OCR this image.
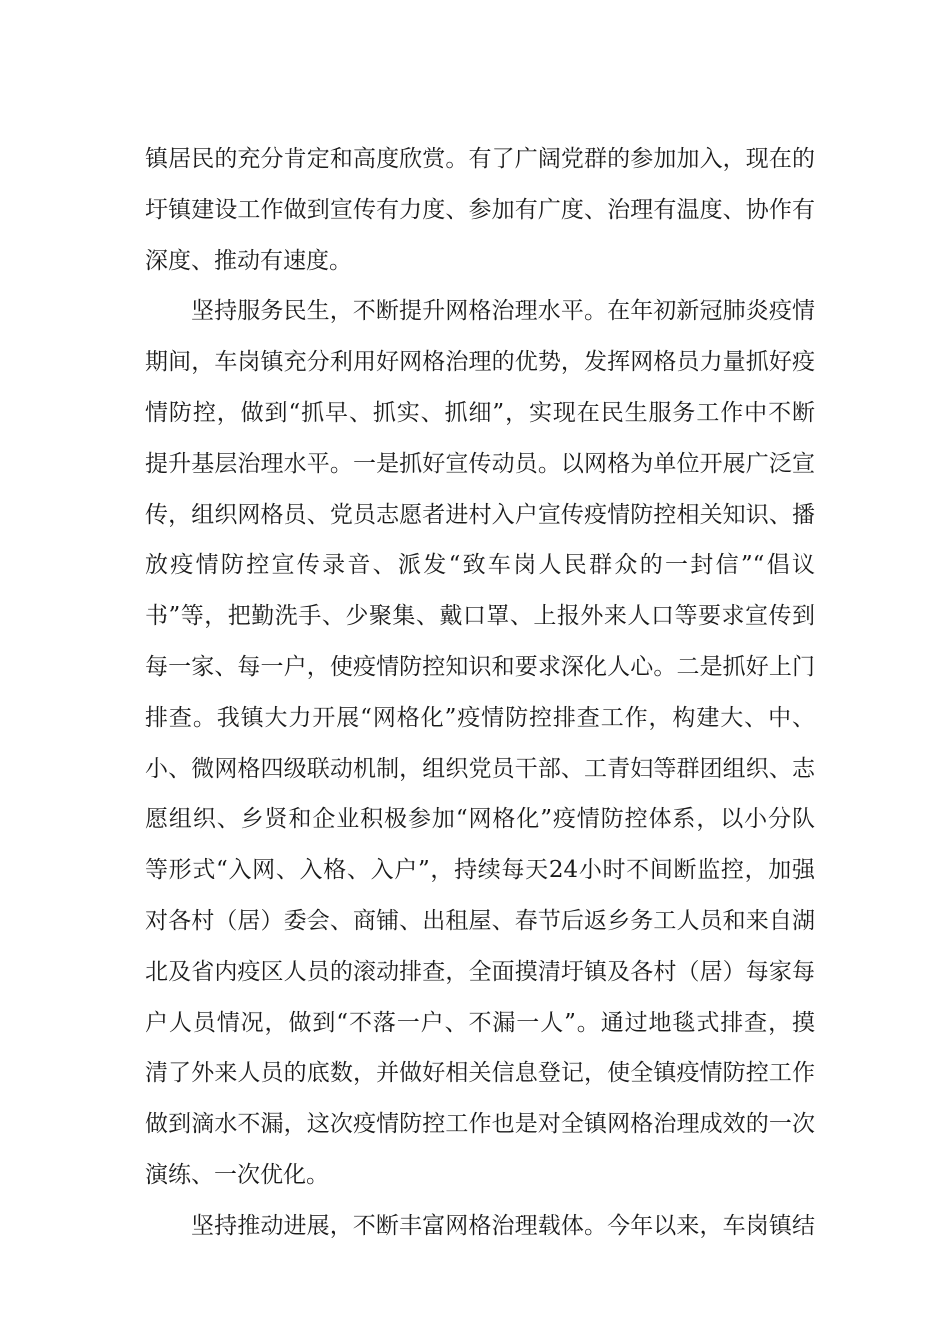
镇居民的充分肯定和高度欣赏。有了广阔党群的参加加入，现在的
圩镇建设工作做到宣传有力度、参加有广度、治理有温度、协作有
深度、推动有速度。
坚持服务民生，不断提升网格治理水平。在年初新冠肺炎疫情
期间，车岗镇充分利用好网格治理的优势，发挥网格员力量抓好疫
情防控，做到“抓早、抓实、抓细”，实现在民生服务工作中不断
提升基层治理水平。一是抓好宣传动员。以网格为单位开展广泛宣
传，组织网格员、党员志愿者进村入户宣传疫情防控相关知识、播
放疫情防控宣传录音、派发“致车岗人民群众的一封信”“倡议
书”等，把勤洗手、少聚集、戴口罩、上报外来人口等要求宣传到
每一家、每一户，使疫情防控知识和要求深化人心。二是抓好上门
排查。我镇大力开展“网格化”疫情防控排查工作，构建大、中、
小、微网格四级联动机制，组织党员干部、工青妇等群团组织、志
愿组织、乡贤和企业积极参加“网格化”疫情防控体系，以小分队
等形式“入网、入格、入户”，持续每天24小时不间断监控，加强
对各村（居）委会、商铺、出租屋、春节后返乡务工人员和来自湖
北及省内疫区人员的滚动排查，全面摸清圩镇及各村（居）每家每
户人员情况，做到“不落一户、不漏一人”。通过地毯式排查，摸
清了外来人员的底数，并做好相关信息登记，使全镇疫情防控工作
做到滴水不漏，这次疫情防控工作也是对全镇网格治理成效的一次
演练、一次优化。
坚持推动进展，不断丰富网格治理载体。今年以来，车岗镇结
